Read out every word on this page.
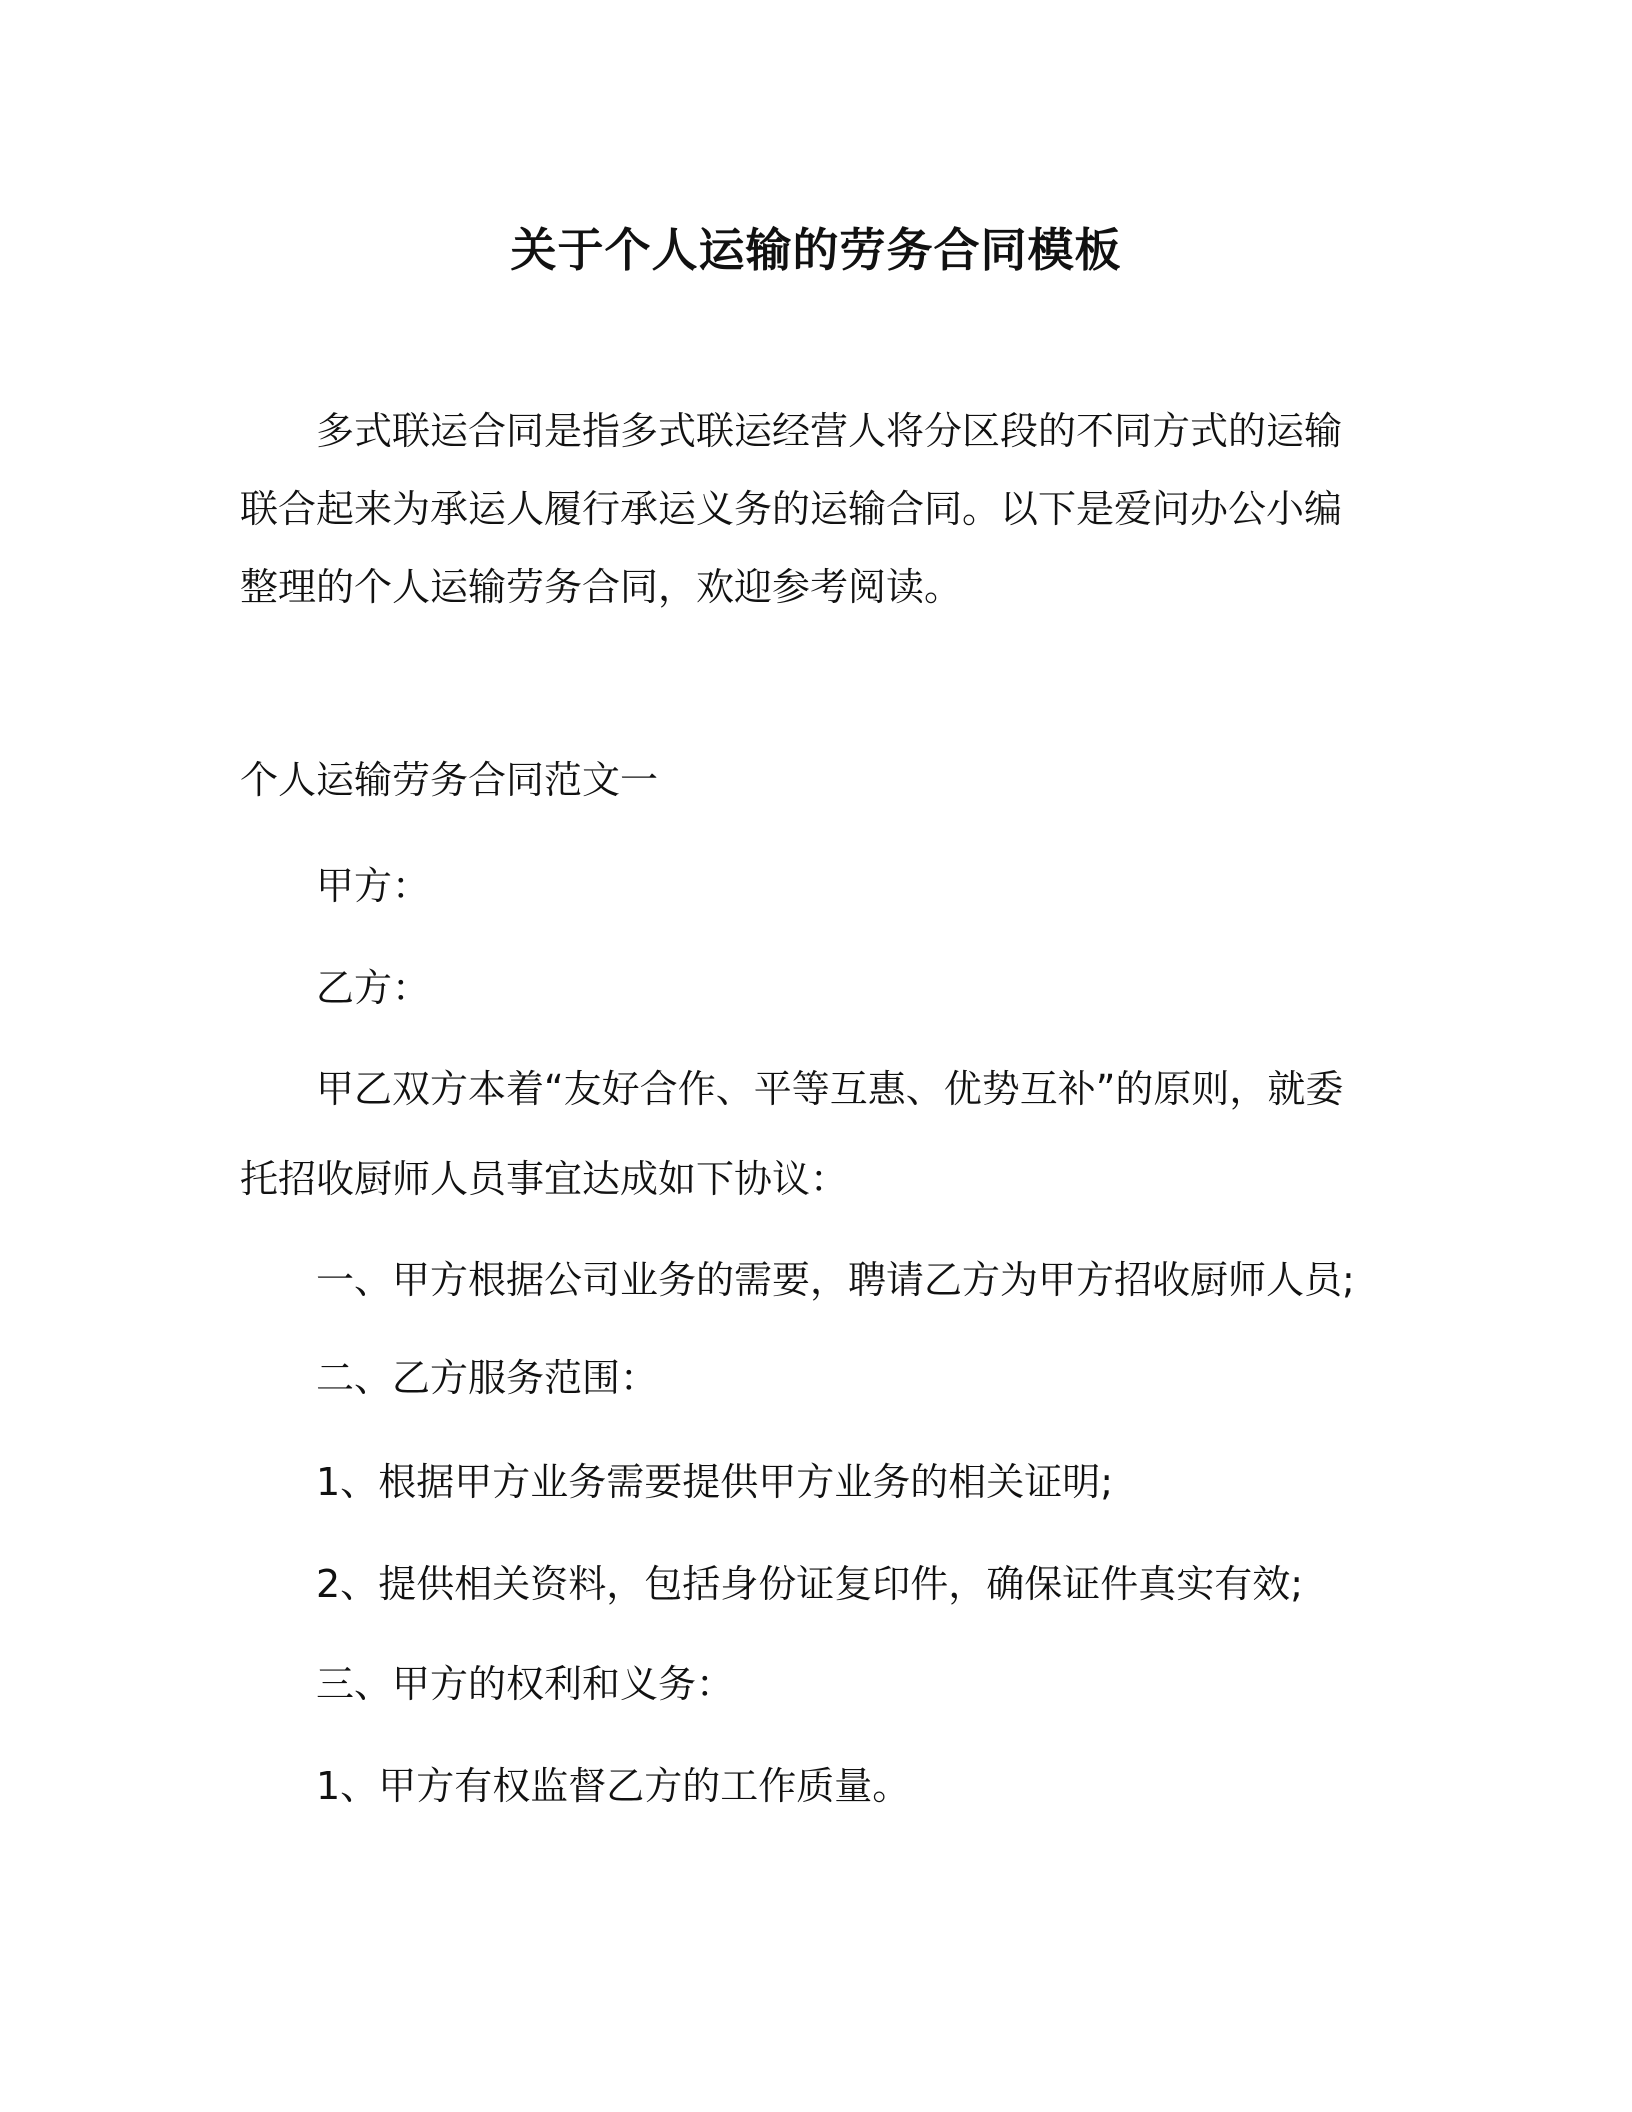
关于个人运输的劳务合同模板

多式联运合同是指多式联运经营人将分区段的不同方式的运输联合起来为承运人履行承运义务的运输合同。以下是爱问办公小编整理的个人运输劳务合同，欢迎参考阅读。

个人运输劳务合同范文一

甲方：

乙方：

甲乙双方本着“友好合作、平等互惠、优势互补”的原则，就委托招收厨师人员事宜达成如下协议：

一、甲方根据公司业务的需要，聘请乙方为甲方招收厨师人员;

二、乙方服务范围：

1、根据甲方业务需要提供甲方业务的相关证明;

2、提供相关资料，包括身份证复印件，确保证件真实有效;

三、甲方的权利和义务：

1、甲方有权监督乙方的工作质量。
